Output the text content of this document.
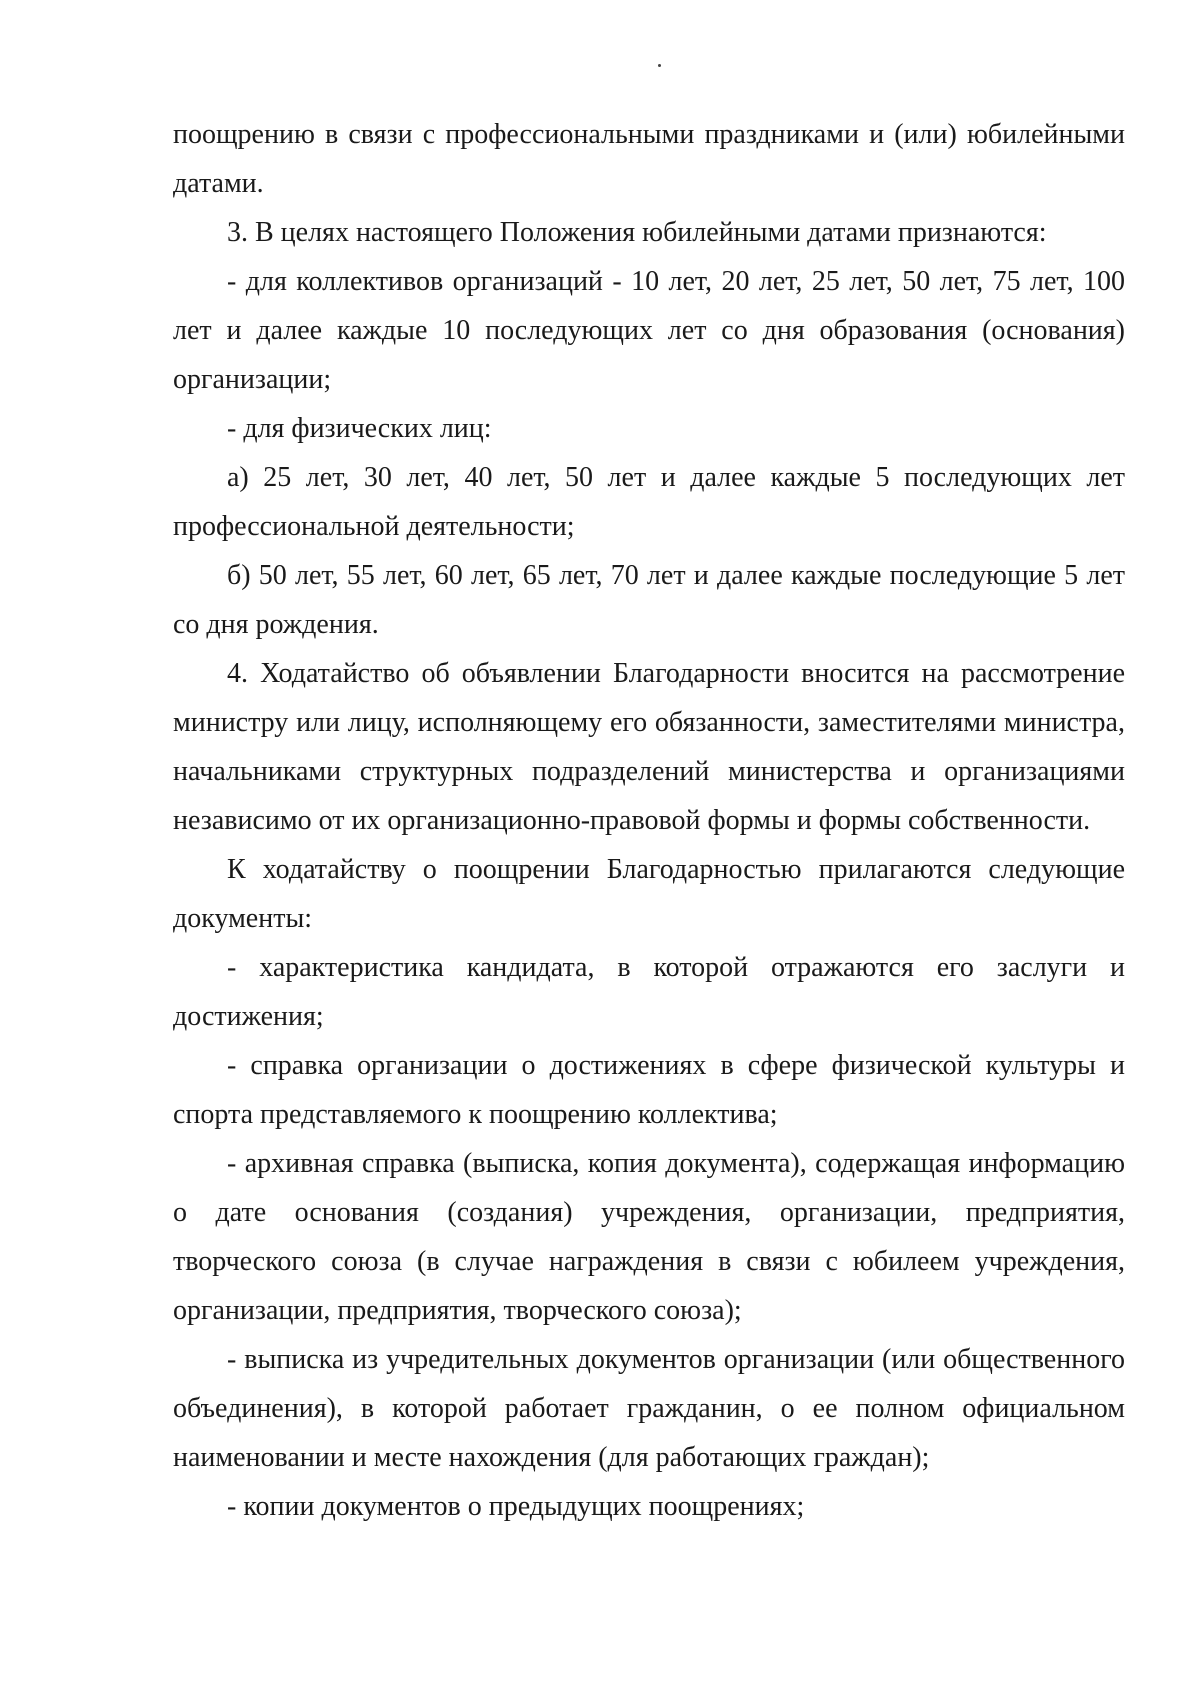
поощрению в связи с профессиональными праздниками и (или) юбилейными датами.

3. В целях настоящего Положения юбилейными датами признаются:

- для коллективов организаций - 10 лет, 20 лет, 25 лет, 50 лет, 75 лет, 100 лет и далее каждые 10 последующих лет со дня образования (основания) организации;

- для физических лиц:

а) 25 лет, 30 лет, 40 лет, 50 лет и далее каждые 5 последующих лет профессиональной деятельности;

б) 50 лет, 55 лет, 60 лет, 65 лет, 70 лет и далее каждые последующие 5 лет со дня рождения.

4. Ходатайство об объявлении Благодарности вносится на рассмотрение министру или лицу, исполняющему его обязанности, заместителями министра, начальниками структурных подразделений министерства и организациями независимо от их организационно-правовой формы и формы собственности.

К ходатайству о поощрении Благодарностью прилагаются следующие документы:

- характеристика кандидата, в которой отражаются его заслуги и достижения;

- справка организации о достижениях в сфере физической культуры и спорта представляемого к поощрению коллектива;

- архивная справка (выписка, копия документа), содержащая информацию о дате основания (создания) учреждения, организации, предприятия, творческого союза (в случае награждения в связи с юбилеем учреждения, организации, предприятия, творческого союза);

- выписка из учредительных документов организации (или общественного объединения), в которой работает гражданин, о ее полном официальном наименовании и месте нахождения (для работающих граждан);

- копии документов о предыдущих поощрениях;
